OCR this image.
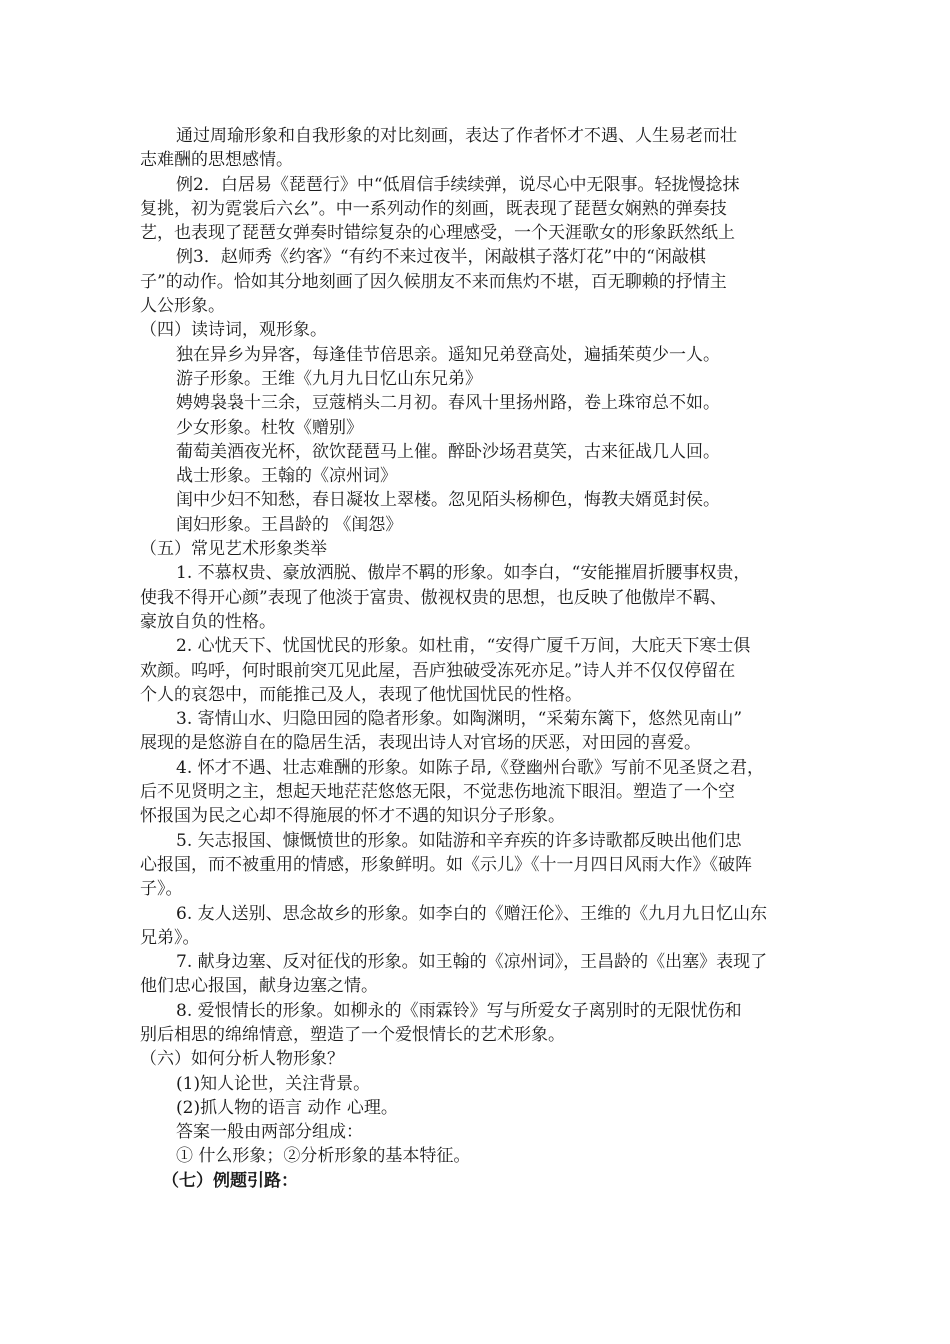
通过周瑜形象和自我形象的对比刻画，表达了作者怀才不遇、人生易老而壮
志难酬的思想感情。
例2．白居易《琵琶行》中“低眉信手续续弹，说尽心中无限事。轻拢慢捻抹
复挑，初为霓裳后六幺”。中一系列动作的刻画，既表现了琵琶女娴熟的弹奏技
艺，也表现了琵琶女弹奏时错综复杂的心理感受，一个天涯歌女的形象跃然纸上
例3．赵师秀《约客》“有约不来过夜半，闲敲棋子落灯花”中的“闲敲棋
子”的动作。恰如其分地刻画了因久候朋友不来而焦灼不堪，百无聊赖的抒情主
人公形象。
（四）读诗词，观形象。
独在异乡为异客，每逢佳节倍思亲。遥知兄弟登高处，遍插茱萸少一人。
游子形象。王维《九月九日忆山东兄弟》
娉娉袅袅十三余，豆蔻梢头二月初。春风十里扬州路，卷上珠帘总不如。
少女形象。杜牧《赠别》
葡萄美酒夜光杯，欲饮琵琶马上催。醉卧沙场君莫笑，古来征战几人回。
战士形象。王翰的《凉州词》
闺中少妇不知愁，春日凝妆上翠楼。忽见陌头杨柳色，悔教夫婿觅封侯。
闺妇形象。王昌龄的 《闺怨》
（五）常见艺术形象类举
1. 不慕权贵、豪放洒脱、傲岸不羁的形象。如李白，“安能摧眉折腰事权贵，
使我不得开心颜”表现了他淡于富贵、傲视权贵的思想，也反映了他傲岸不羁、
豪放自负的性格。
2. 心忧天下、忧国忧民的形象。如杜甫，“安得广厦千万间，大庇天下寒士俱
欢颜。呜呼，何时眼前突兀见此屋，吾庐独破受冻死亦足。”诗人并不仅仅停留在
个人的哀怨中，而能推己及人，表现了他忧国忧民的性格。
3. 寄情山水、归隐田园的隐者形象。如陶渊明，“采菊东篱下，悠然见南山”
展现的是悠游自在的隐居生活，表现出诗人对官场的厌恶，对田园的喜爱。
4. 怀才不遇、壮志难酬的形象。如陈子昂,《登幽州台歌》写前不见圣贤之君，
后不见贤明之主，想起天地茫茫悠悠无限，不觉悲伤地流下眼泪。塑造了一个空
怀报国为民之心却不得施展的怀才不遇的知识分子形象。
5. 矢志报国、慷慨愤世的形象。如陆游和辛弃疾的许多诗歌都反映出他们忠
心报国，而不被重用的情感，形象鲜明。如《示儿》《十一月四日风雨大作》《破阵
子》。
6. 友人送别、思念故乡的形象。如李白的《赠汪伦》、王维的《九月九日忆山东
兄弟》。
7. 献身边塞、反对征伐的形象。如王翰的《凉州词》，王昌龄的《出塞》表现了
他们忠心报国，献身边塞之情。
8. 爱恨情长的形象。如柳永的《雨霖铃》写与所爱女子离别时的无限忧伤和
别后相思的绵绵情意，塑造了一个爱恨情长的艺术形象。
（六）如何分析人物形象？
(1)知人论世，关注背景。
(2)抓人物的语言 动作 心理。
答案一般由两部分组成：
① 什么形象；②分析形象的基本特征。
（七）例题引路：
